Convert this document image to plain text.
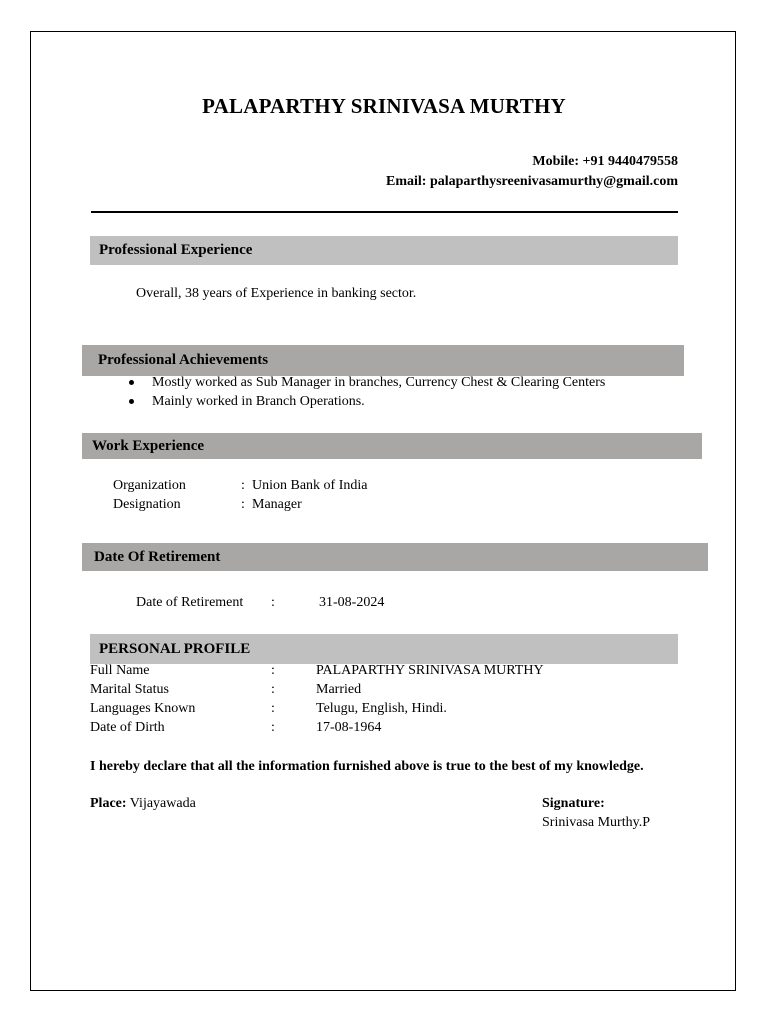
PALAPARTHY SRINIVASA MURTHY
Mobile: +91 9440479558
Email: palaparthysreenivasamurthy@gmail.com
Professional Experience
Overall, 38 years of Experience in banking sector.
Professional Achievements
Mostly worked as Sub Manager in branches, Currency Chest & Clearing Centers
Mainly worked in Branch Operations.
Work Experience
Organization	: Union Bank of India
Designation	: Manager
Date Of Retirement
Date of Retirement :	31-08-2024
PERSONAL PROFILE
Full Name	:	PALAPARTHY SRINIVASA MURTHY
Marital Status	:	Married
Languages Known	:	Telugu, English, Hindi.
Date of Dirth	:	17-08-1964
I hereby declare that all the information furnished above is true to the best of my knowledge.
Place: Vijayawada	Signature:
Srinivasa Murthy.P
